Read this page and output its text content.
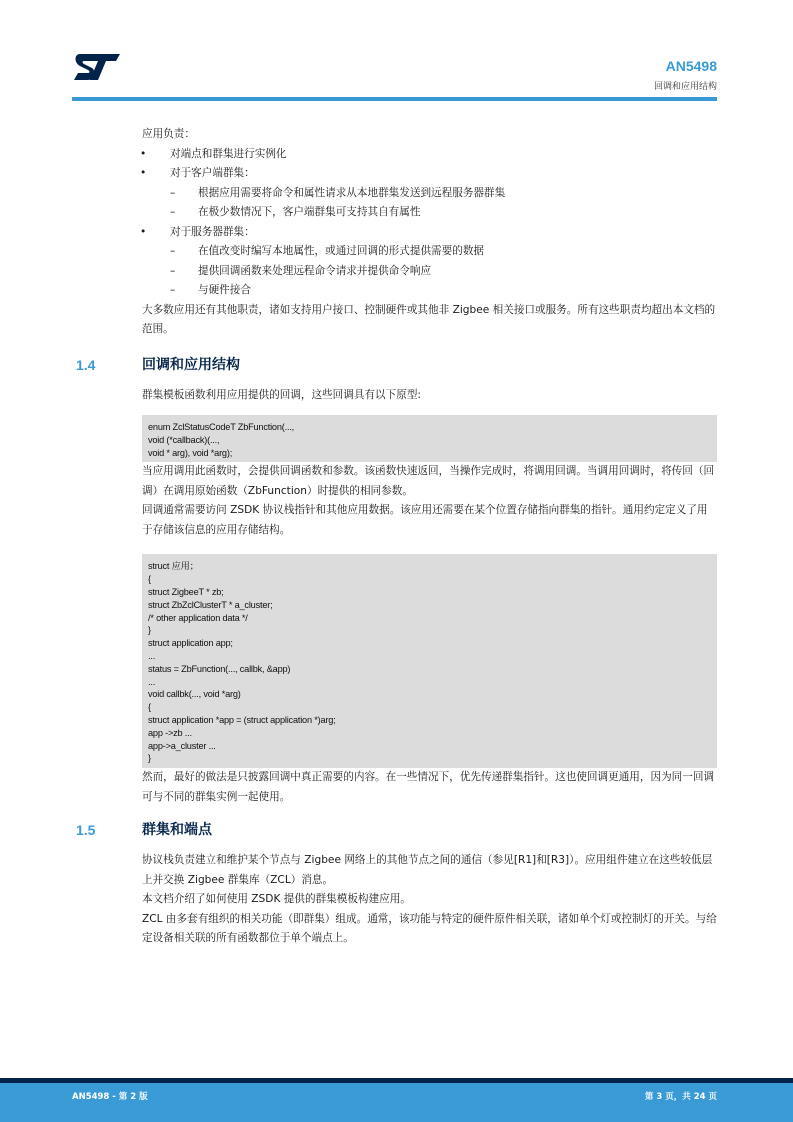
AN5498
回调和应用结构

应用负责：

• 对端点和群集进行实例化
• 对于客户端群集：
– 根据应用需要将命令和属性请求从本地群集发送到远程服务器群集
– 在极少数情况下，客户端群集可支持其自有属性
• 对于服务器群集：
– 在值改变时编写本地属性，或通过回调的形式提供需要的数据
– 提供回调函数来处理远程命令请求并提供命令响应
– 与硬件接合

大多数应用还有其他职责，诸如支持用户接口、控制硬件或其他非 Zigbee 相关接口或服务。所有这些职责均超出本文档的范围。

1.4	回调和应用结构

群集模板函数利用应用提供的回调，这些回调具有以下原型:

enum ZclStatusCodeT ZbFunction(...,
void (*callback)(...,
void * arg), void *arg);

当应用调用此函数时，会提供回调函数和参数。该函数快速返回，当操作完成时，将调用回调。当调用回调时，将传回（回调）在调用原始函数（ZbFunction）时提供的相同参数。

回调通常需要访问 ZSDK 协议栈指针和其他应用数据。该应用还需要在某个位置存储指向群集的指针。通用约定定义了用于存储该信息的应用存储结构。

struct 应用；
{
struct ZigbeeT * zb;
struct ZbZclClusterT * a_cluster;
/* other application data */
}
struct application app;
...
status = ZbFunction(..., callbk, &app)
...
void callbk(..., void *arg)
{
struct application *app = (struct application *)arg;
app ->zb ...
app->a_cluster ...
}

然而，最好的做法是只披露回调中真正需要的内容。在一些情况下，优先传递群集指针。这也使回调更通用，因为同一回调可与不同的群集实例一起使用。

1.5	群集和端点

协议栈负责建立和维护某个节点与 Zigbee 网络上的其他节点之间的通信（参见[R1]和[R3]）。应用组件建立在这些较低层上并交换 Zigbee 群集库（ZCL）消息。

本文档介绍了如何使用 ZSDK 提供的群集模板构建应用。

ZCL 由多套有组织的相关功能（即群集）组成。通常，该功能与特定的硬件原件相关联，诸如单个灯或控制灯的开关。与给定设备相关联的所有函数都位于单个端点上。

AN5498 - 第 2 版	第 3 页，共 24 页
